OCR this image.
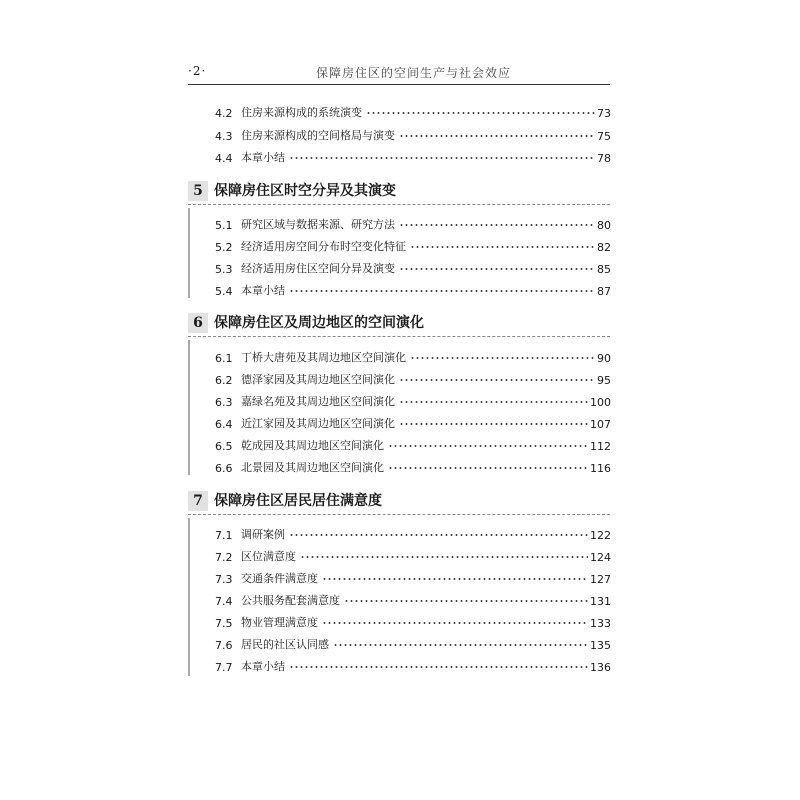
·2·	保障房住区的空间生产与社会效应
4.2 住房来源构成的系统演变	73
4.3 住房来源构成的空间格局与演变	75
4.4 本章小结	78
5 保障房住区时空分异及其演变
5.1 研究区域与数据来源、研究方法	80
5.2 经济适用房空间分布时空变化特征	82
5.3 经济适用房住区空间分异及演变	85
5.4 本章小结	87
6 保障房住区及周边地区的空间演化
6.1 丁桥大唐苑及其周边地区空间演化	90
6.2 德泽家园及其周边地区空间演化	95
6.3 嘉绿名苑及其周边地区空间演化	100
6.4 近江家园及其周边地区空间演化	107
6.5 乾成园及其周边地区空间演化	112
6.6 北景园及其周边地区空间演化	116
7 保障房住区居民居住满意度
7.1 调研案例	122
7.2 区位满意度	124
7.3 交通条件满意度	127
7.4 公共服务配套满意度	131
7.5 物业管理满意度	133
7.6 居民的社区认同感	135
7.7 本章小结	136
